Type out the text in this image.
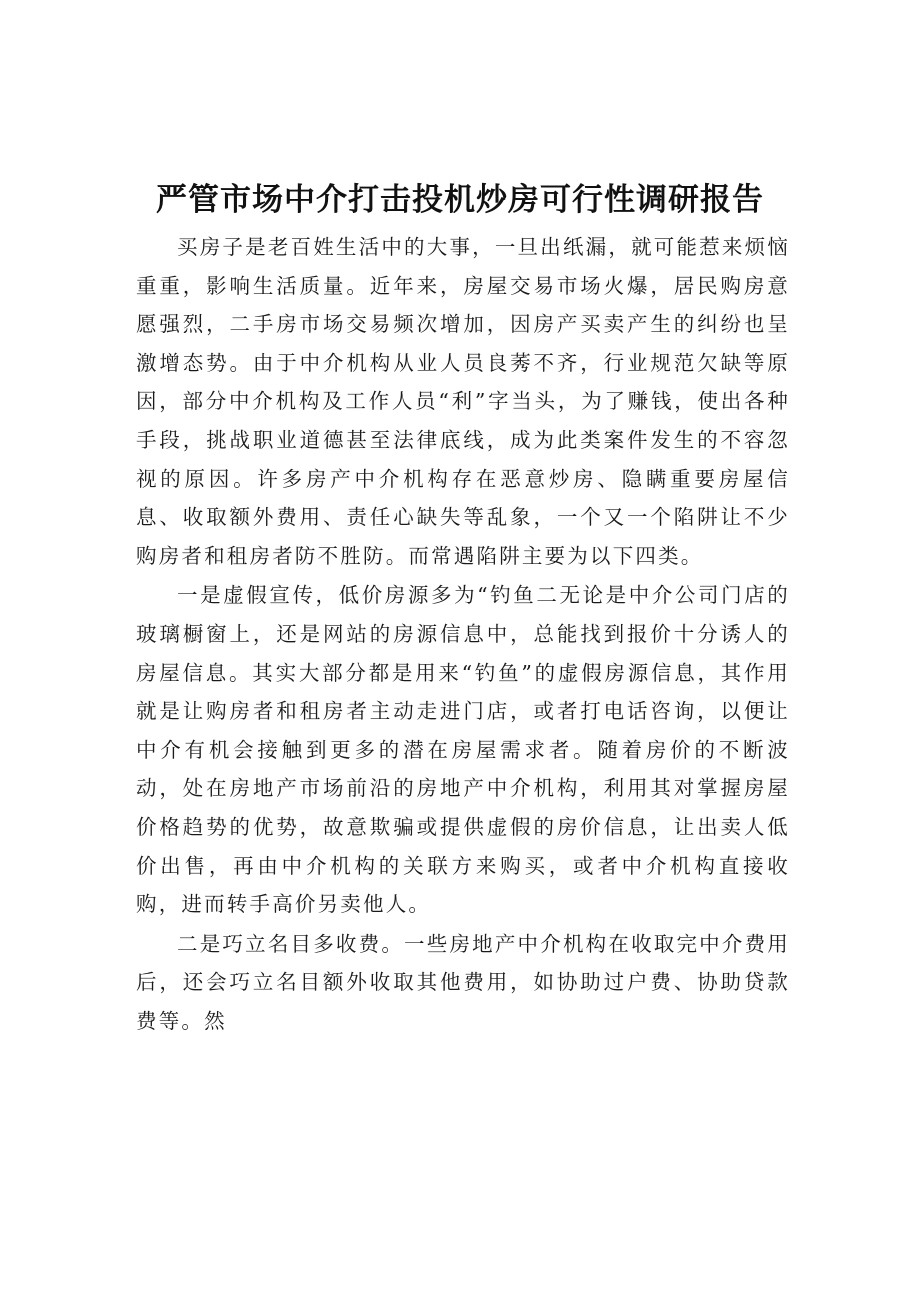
严管市场中介打击投机炒房可行性调研报告

买房子是老百姓生活中的大事，一旦出纸漏，就可能惹来烦恼重重，影响生活质量。近年来，房屋交易市场火爆，居民购房意愿强烈，二手房市场交易频次增加，因房产买卖产生的纠纷也呈激增态势。由于中介机构从业人员良莠不齐，行业规范欠缺等原因，部分中介机构及工作人员“利”字当头，为了赚钱，使出各种手段，挑战职业道德甚至法律底线，成为此类案件发生的不容忽视的原因。许多房产中介机构存在恶意炒房、隐瞒重要房屋信息、收取额外费用、责任心缺失等乱象，一个又一个陷阱让不少购房者和租房者防不胜防。而常遇陷阱主要为以下四类。

一是虚假宣传，低价房源多为“钓鱼二无论是中介公司门店的玻璃橱窗上，还是网站的房源信息中，总能找到报价十分诱人的房屋信息。其实大部分都是用来“钓鱼”的虚假房源信息，其作用就是让购房者和租房者主动走进门店，或者打电话咨询，以便让中介有机会接触到更多的潜在房屋需求者。随着房价的不断波动，处在房地产市场前沿的房地产中介机构，利用其对掌握房屋价格趋势的优势，故意欺骗或提供虚假的房价信息，让出卖人低价出售，再由中介机构的关联方来购买，或者中介机构直接收购，进而转手高价另卖他人。

二是巧立名目多收费。一些房地产中介机构在收取完中介费用后，还会巧立名目额外收取其他费用，如协助过户费、协助贷款费等。然
